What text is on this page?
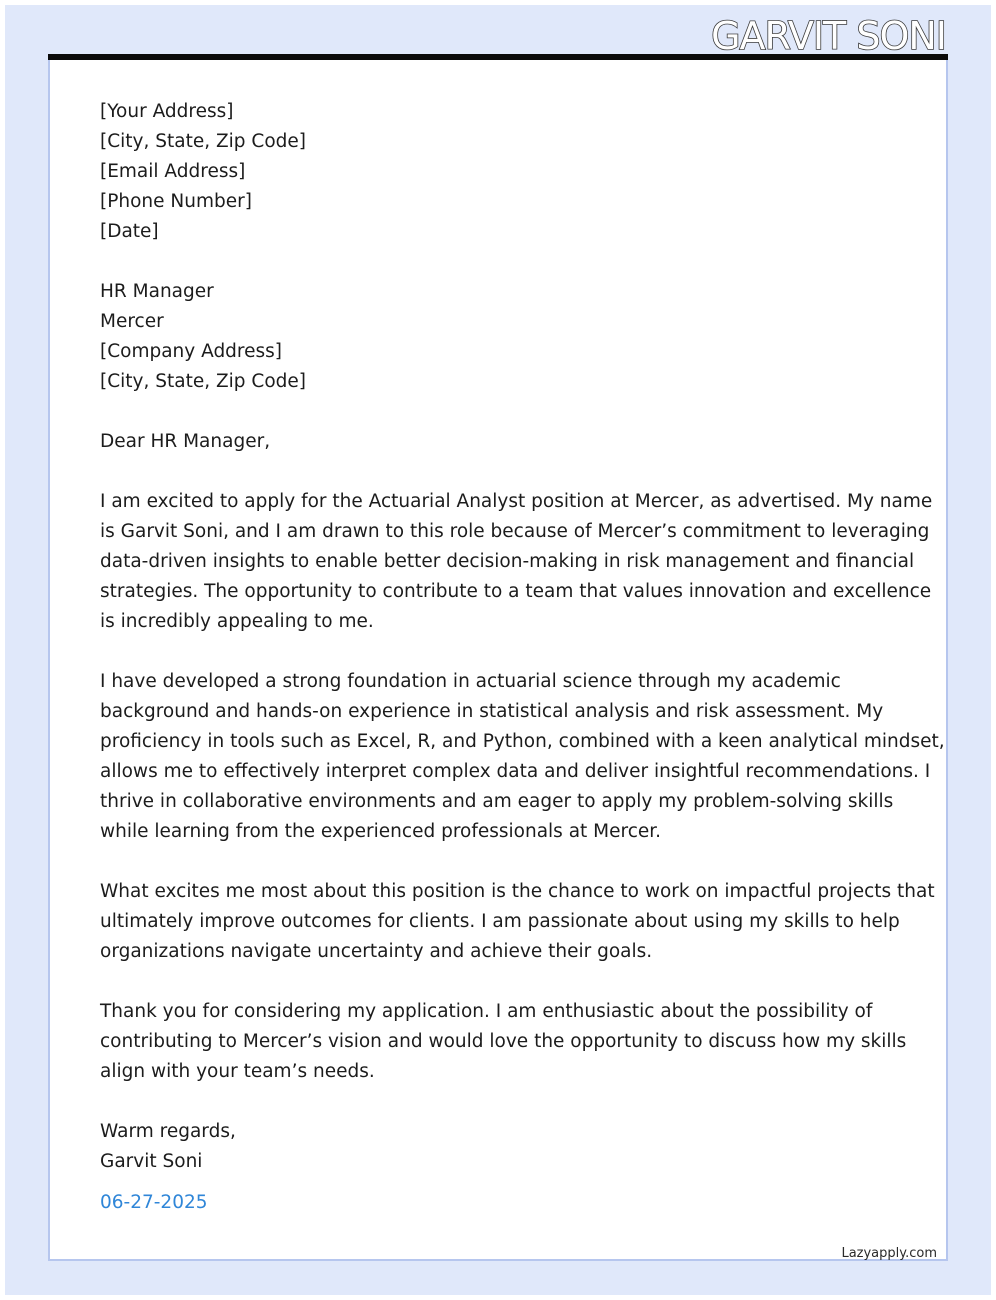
GARVIT SONI
[Your Address]
[City, State, Zip Code]
[Email Address]
[Phone Number]
[Date]
HR Manager
Mercer
[Company Address]
[City, State, Zip Code]
Dear HR Manager,

I am excited to apply for the Actuarial Analyst position at Mercer, as advertised. My name
is Garvit Soni, and I am drawn to this role because of Mercer’s commitment to leveraging
data-driven insights to enable better decision-making in risk management and financial
strategies. The opportunity to contribute to a team that values innovation and excellence
is incredibly appealing to me.

I have developed a strong foundation in actuarial science through my academic
background and hands-on experience in statistical analysis and risk assessment. My
proficiency in tools such as Excel, R, and Python, combined with a keen analytical mindset,
allows me to effectively interpret complex data and deliver insightful recommendations. I
thrive in collaborative environments and am eager to apply my problem-solving skills
while learning from the experienced professionals at Mercer.

What excites me most about this position is the chance to work on impactful projects that
ultimately improve outcomes for clients. I am passionate about using my skills to help
organizations navigate uncertainty and achieve their goals.

Thank you for considering my application. I am enthusiastic about the possibility of
contributing to Mercer’s vision and would love the opportunity to discuss how my skills
align with your team’s needs.

Warm regards,
Garvit Soni
06-27-2025
Lazyapply.com
